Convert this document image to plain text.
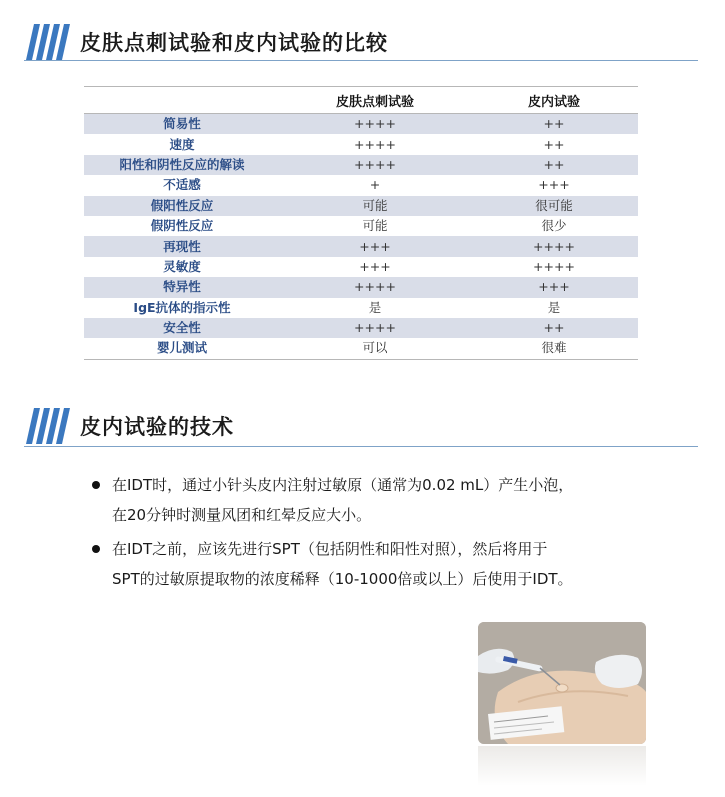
皮肤点刺试验和皮内试验的比较
	皮肤点刺试验	皮内试验
简易性	++++	++
速度	++++	++
阳性和阴性反应的解读	++++	++
不适感	+	+++
假阳性反应	可能	很可能
假阴性反应	可能	很少
再现性	+++	++++
灵敏度	+++	++++
特异性	++++	+++
IgE抗体的指示性	是	是
安全性	++++	++
婴儿测试	可以	很难
皮内试验的技术
在IDT时，通过小针头皮内注射过敏原（通常为0.02 mL）产生小泡，
在20分钟时测量风团和红晕反应大小。
在IDT之前，应该先进行SPT（包括阴性和阳性对照），然后将用于
SPT的过敏原提取物的浓度稀释（10-1000倍或以上）后使用于IDT。
